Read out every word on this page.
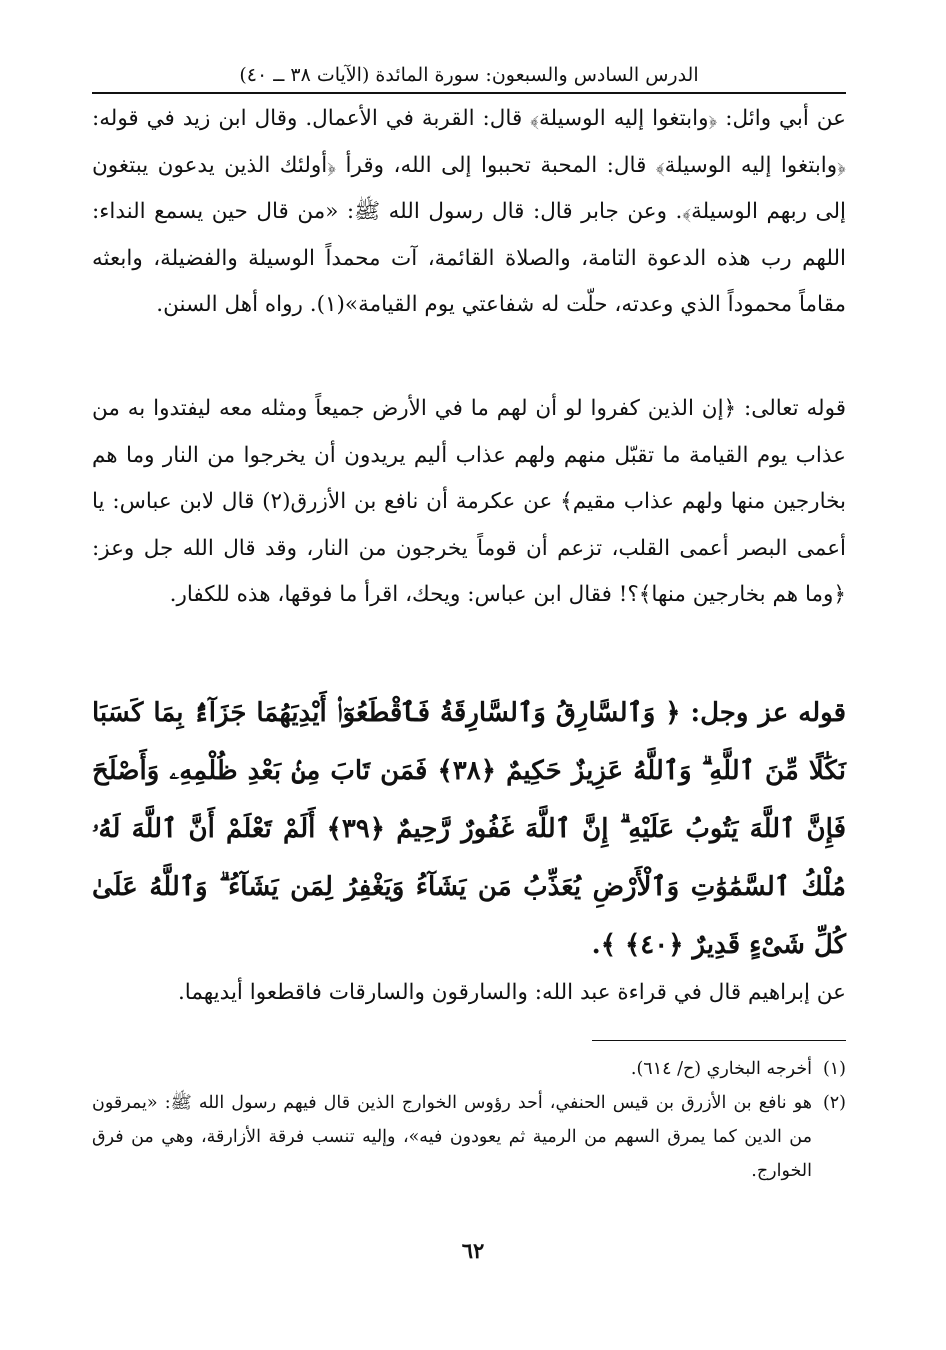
الدرس السادس والسبعون: سورة المائدة (الآيات ٣٨ ــ ٤٠)

عن أبي وائل: ﴿وابتغوا إليه الوسيلة﴾ قال: القربة في الأعمال. وقال ابن زيد في قوله: ﴿وابتغوا إليه الوسيلة﴾ قال: المحبة تحببوا إلى الله، وقرأ ﴿أولئك الذين يدعون يبتغون إلى ربهم الوسيلة﴾. وعن جابر قال: قال رسول الله ﷺ: «من قال حين يسمع النداء: اللهم رب هذه الدعوة التامة، والصلاة القائمة، آت محمداً الوسيلة والفضيلة، وابعثه مقاماً محموداً الذي وعدته، حلّت له شفاعتي يوم القيامة»(١). رواه أهل السنن.

قوله تعالى: ﴿إن الذين كفروا لو أن لهم ما في الأرض جميعاً ومثله معه ليفتدوا به من عذاب يوم القيامة ما تقبّل منهم ولهم عذاب أليم يريدون أن يخرجوا من النار وما هم بخارجين منها ولهم عذاب مقيم﴾ عن عكرمة أن نافع بن الأزرق(٢) قال لابن عباس: يا أعمى البصر أعمى القلب، تزعم أن قوماً يخرجون من النار، وقد قال الله جل وعز: ﴿وما هم بخارجين منها﴾؟! فقال ابن عباس: ويحك، اقرأ ما فوقها، هذه للكفار.

قوله عز وجل: ﴿ وَٱلسَّارِقُ وَٱلسَّارِقَةُ فَٱقْطَعُوٓا۟ أَيْدِيَهُمَا جَزَآءًۢ بِمَا كَسَبَا نَكَٰلًا مِّنَ ٱللَّهِ ۗ وَٱللَّهُ عَزِيزٌ حَكِيمٌ ﴿٣٨﴾ فَمَن تَابَ مِنۢ بَعْدِ ظُلْمِهِۦ وَأَصْلَحَ فَإِنَّ ٱللَّهَ يَتُوبُ عَلَيْهِ ۗ إِنَّ ٱللَّهَ غَفُورٌ رَّحِيمٌ ﴿٣٩﴾ أَلَمْ تَعْلَمْ أَنَّ ٱللَّهَ لَهُۥ مُلْكُ ٱلسَّمَٰوَٰتِ وَٱلْأَرْضِ يُعَذِّبُ مَن يَشَآءُ وَيَغْفِرُ لِمَن يَشَآءُ ۗ وَٱللَّهُ عَلَىٰ كُلِّ شَىْءٍ قَدِيرٌ ﴿٤٠﴾ ﴾.

عن إبراهيم قال في قراءة عبد الله: والسارقون والسارقات فاقطعوا أيديهما.

(١)

أخرجه البخاري (ح/ ٦١٤).

(٢)

هو نافع بن الأزرق بن قيس الحنفي، أحد رؤوس الخوارج الذين قال فيهم رسول الله ﷺ: «يمرقون من الدين كما يمرق السهم من الرمية ثم يعودون فيه»، وإليه تنسب فرقة الأزارقة، وهي من فرق الخوارج.

٦٢
